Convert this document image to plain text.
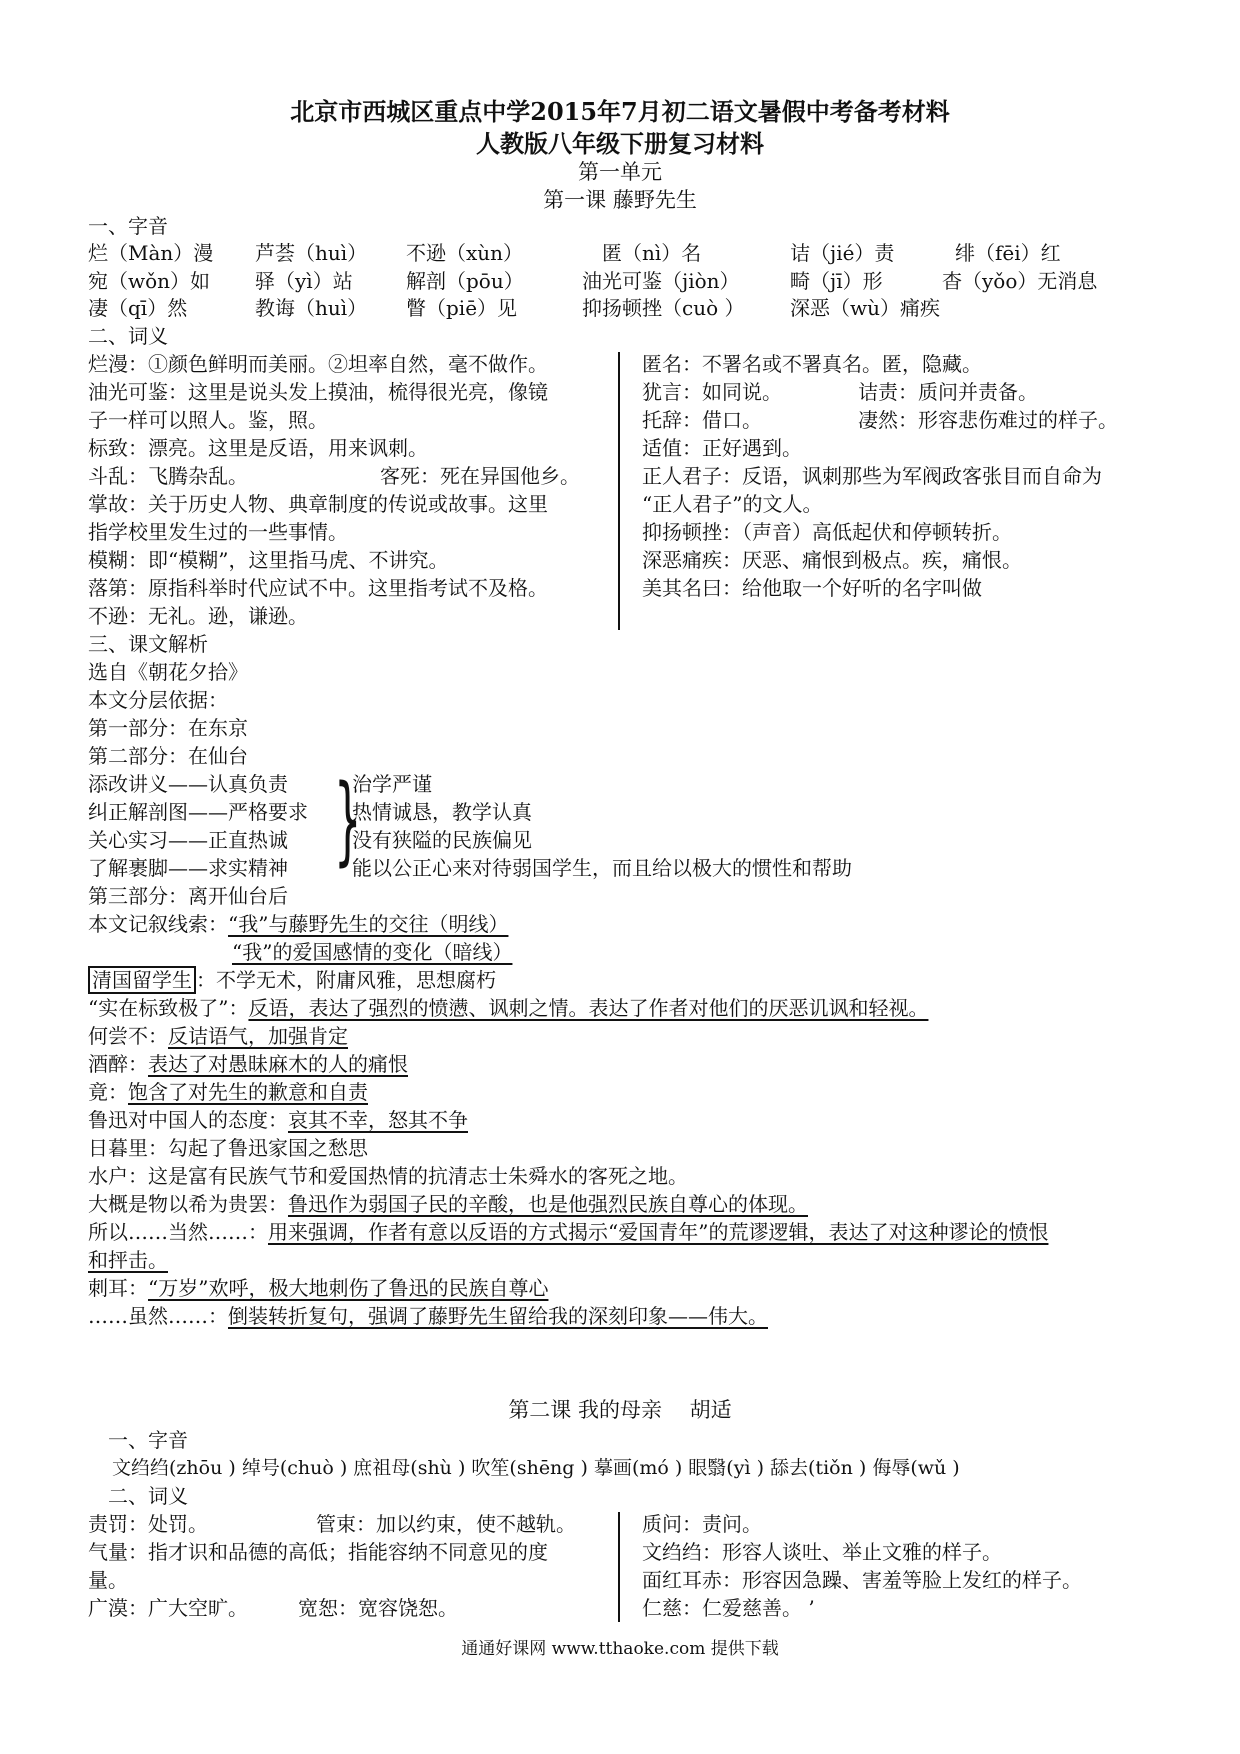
北京市西城区重点中学2015年7月初二语文暑假中考备考材料
人教版八年级下册复习材料
第一单元
第一课 藤野先生
一、字音
烂（Màn）漫 芦荟（huì） 不逊（xùn）	匿（nì）名	诘（jié）责	绯（fēi）红
宛（wǒn）如 驿（yì）站	解剖（pōu）	油光可鉴（jiòn）	畸（jī）形	杳（yǒo）无消息
凄（qī）然	教诲（huì） 瞥（piē）见	抑扬顿挫（cuò ） 深恶（wù）痛疾
二、词义
烂漫：①颜色鲜明而美丽。②坦率自然，毫不做作。
油光可鉴：这里是说头发上摸油，梳得很光亮，像镜
子一样可以照人。鉴，照。
标致：漂亮。这里是反语，用来讽刺。
斗乱：飞腾杂乱。	客死：死在异国他乡。
掌故：关于历史人物、典章制度的传说或故事。这里
指学校里发生过的一些事情。
模糊：即“模糊”，这里指马虎、不讲究。
落第：原指科举时代应试不中。这里指考试不及格。
不逊：无礼。逊，谦逊。
匿名：不署名或不署真名。匿，隐藏。
犹言：如同说。	诘责：质问并责备。
托辞：借口。	凄然：形容悲伤难过的样子。
适值：正好遇到。
正人君子：反语，讽刺那些为军阀政客张目而自命为
“正人君子”的文人。
抑扬顿挫：（声音）高低起伏和停顿转折。
深恶痛疾：厌恶、痛恨到极点。疾，痛恨。
美其名曰：给他取一个好听的名字叫做
三、课文解析
选自《朝花夕拾》
本文分层依据：
第一部分：在东京
第二部分：在仙台
添改讲义——认真负责
纠正解剖图——严格要求
关心实习——正直热诚
了解裹脚——求实精神 }
治学严谨
热情诚恳，教学认真
没有狭隘的民族偏见
能以公正心来对待弱国学生，而且给以极大的惯性和帮助
第三部分：离开仙台后
本文记叙线索：“我”与藤野先生的交往（明线）
“我”的爱国感情的变化（暗线）
清国留学生 ：不学无术，附庸风雅，思想腐朽
“实在标致极了”：反语，表达了强烈的愤懑、讽刺之情。表达了作者对他们的厌恶讥讽和轻视。
何尝不：反诘语气，加强肯定
酒醉：表达了对愚昧麻木的人的痛恨
竟：饱含了对先生的歉意和自责
鲁迅对中国人的态度：哀其不幸，怒其不争
日暮里：勾起了鲁迅家国之愁思
水户：这是富有民族气节和爱国热情的抗清志士朱舜水的客死之地。
大概是物以希为贵罢：鲁迅作为弱国子民的辛酸，也是他强烈民族自尊心的体现。
所以……当然……：用来强调，作者有意以反语的方式揭示“爱国青年”的荒谬逻辑，表达了对这种谬论的愤恨
和抨击。
刺耳：“万岁”欢呼，极大地刺伤了鲁迅的民族自尊心
……虽然……：倒装转折复句，强调了藤野先生留给我的深刻印象——伟大。
第二课 我的母亲　 胡适
一、字音
文绉绉(zhōu ) 绰号(chuò ) 庶祖母(shù ) 吹笙(shēng ) 摹画(mó ) 眼翳(yì ) 舔去(tiǒn ) 侮辱(wǔ )
二、词义
责罚：处罚。	管束：加以约束，使不越轨。
气量：指才识和品德的高低；指能容纳不同意见的度
量。
广漠：广大空旷。	宽恕：宽容饶恕。
质问：责问。
文绉绉：形容人谈吐、举止文雅的样子。
面红耳赤：形容因急躁、害羞等脸上发红的样子。
仁慈：仁爱慈善。 ’
通通好课网 www.tthaoke.com 提供下载
